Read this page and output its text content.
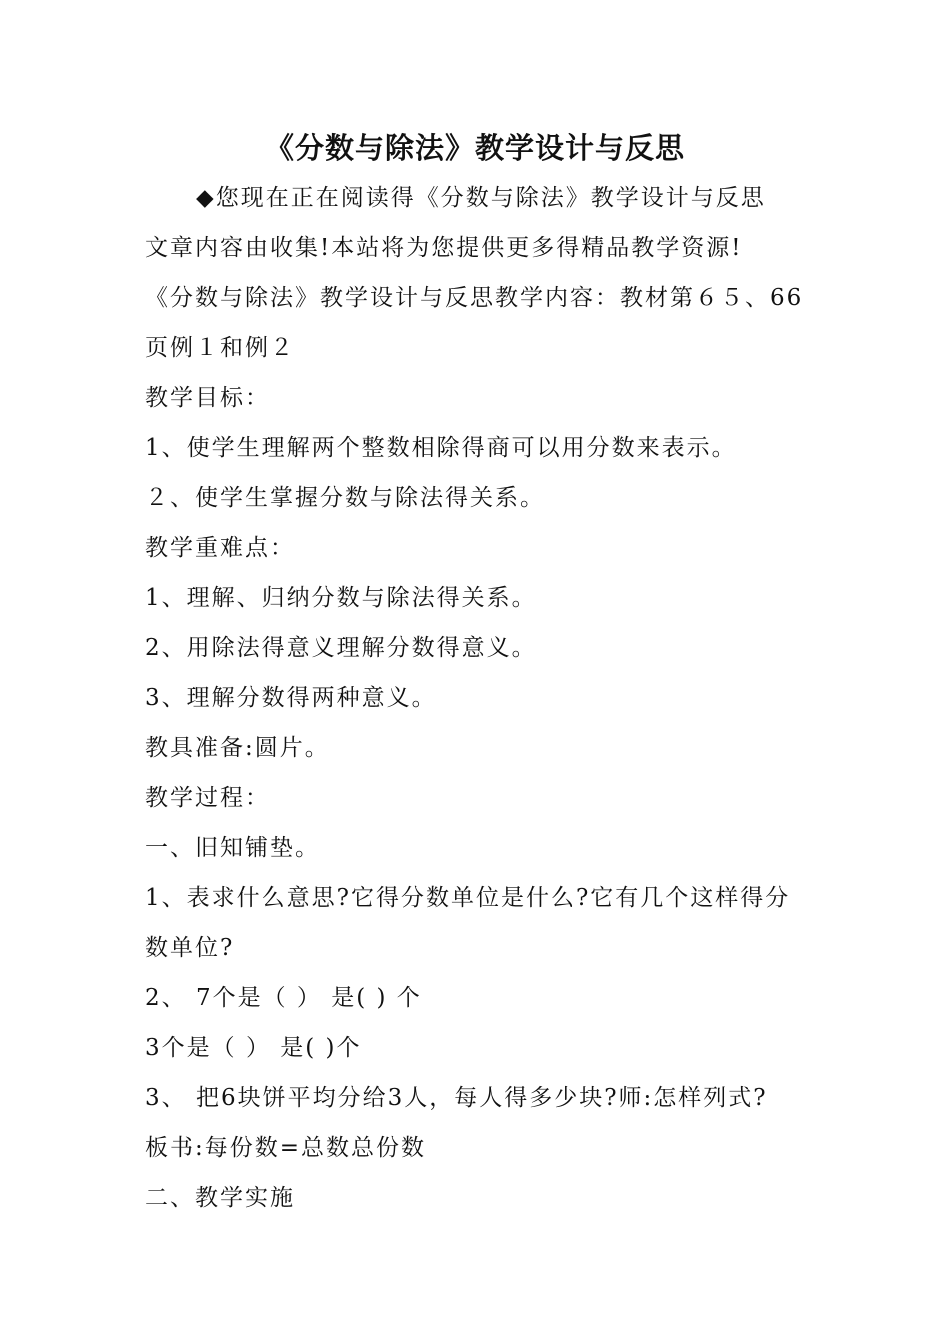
《分数与除法》教学设计与反思
◆您现在正在阅读得《分数与除法》教学设计与反思
文章内容由收集!本站将为您提供更多得精品教学资源!
《分数与除法》教学设计与反思教学内容：教材第６５、66
页例１和例２
教学目标：
1、使学生理解两个整数相除得商可以用分数来表示。
２、使学生掌握分数与除法得关系。
教学重难点：
1、理解、归纳分数与除法得关系。
2、用除法得意义理解分数得意义。
3、理解分数得两种意义。
教具准备:圆片。
教学过程：
一、旧知铺垫。
1、表求什么意思?它得分数单位是什么?它有几个这样得分
数单位?
2、 7个是（ ） 是( ) 个
3个是（ ） 是( )个
3、 把6块饼平均分给3人，每人得多少块?师:怎样列式?
板书:每份数=总数总份数
二、教学实施
